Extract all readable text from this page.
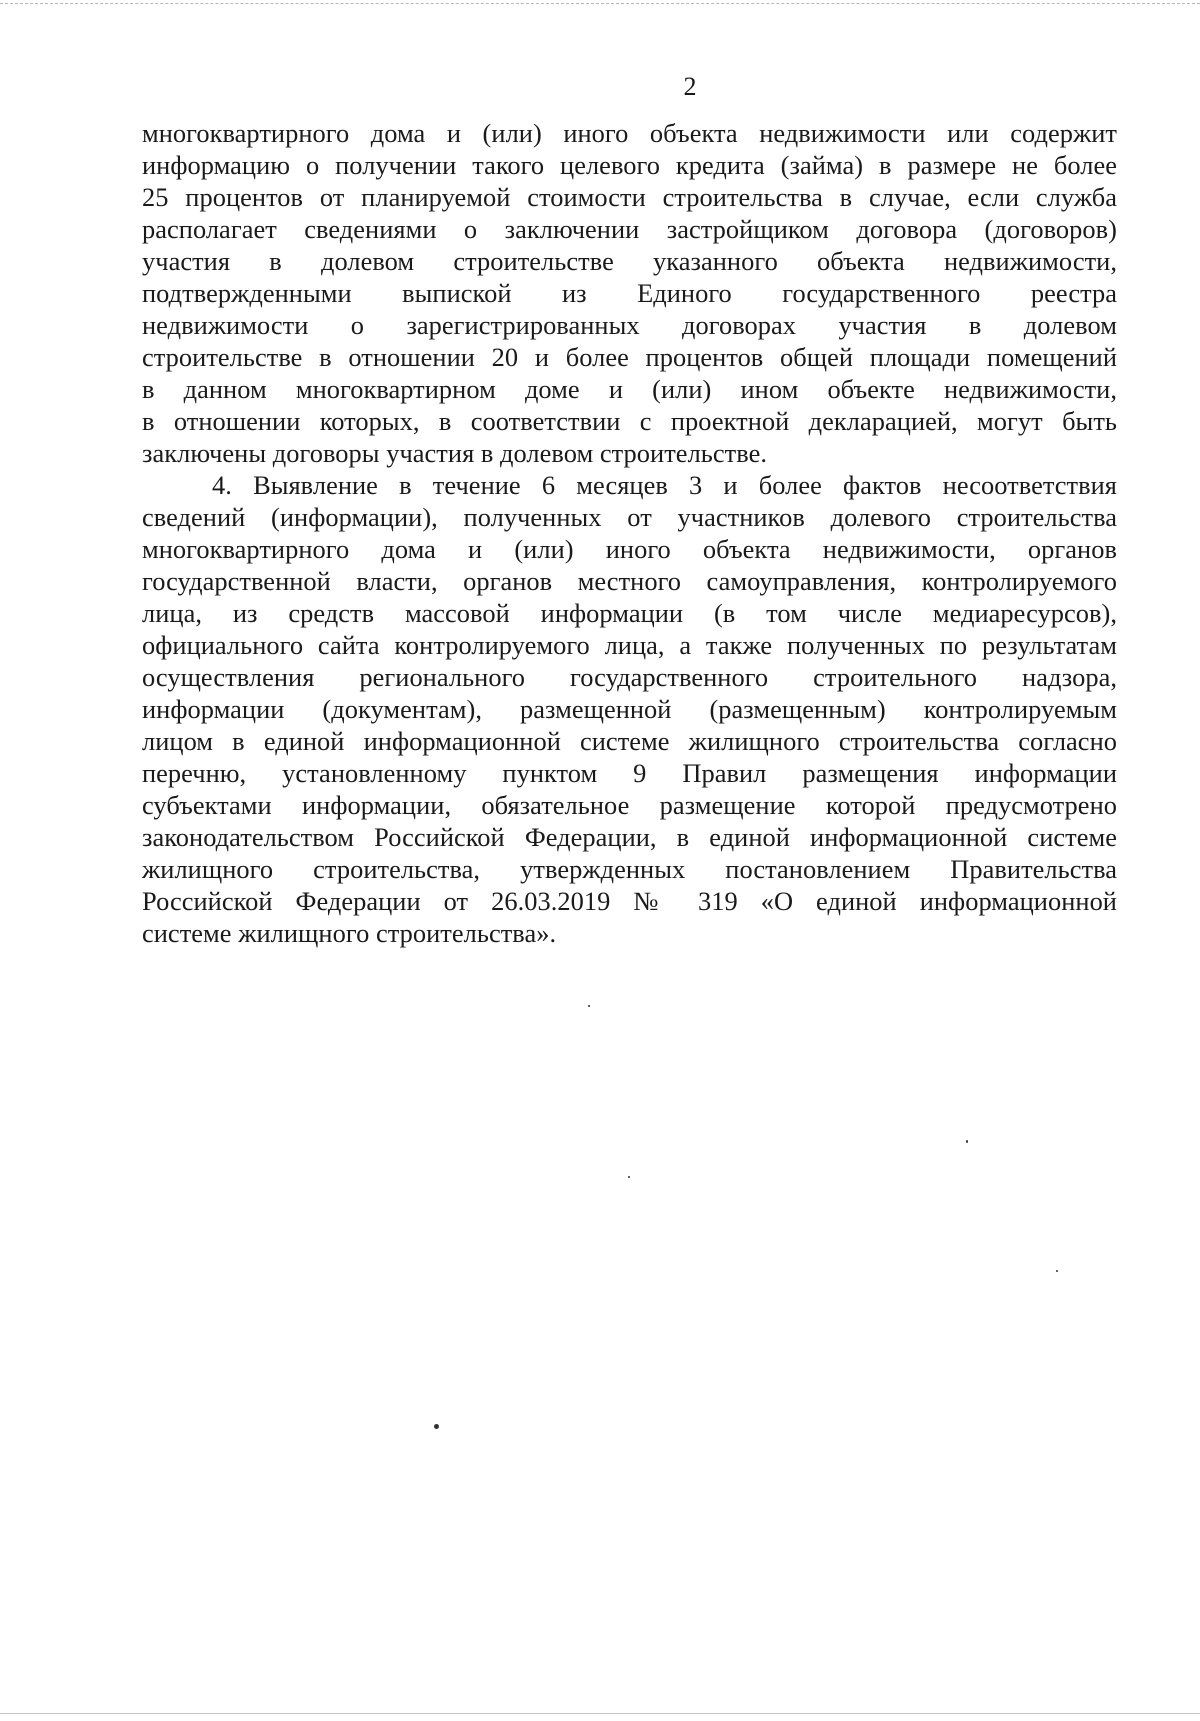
2
многоквартирного дома и (или) иного объекта недвижимости или содержит
информацию о получении такого целевого кредита (займа) в размере не более
25 процентов от планируемой стоимости строительства в случае, если служба
располагает сведениями о заключении застройщиком договора (договоров)
участия в долевом строительстве указанного объекта недвижимости,
подтвержденными выпиской из Единого государственного реестра
недвижимости о зарегистрированных договорах участия в долевом
строительстве в отношении 20 и более процентов общей площади помещений
в данном многоквартирном доме и (или) ином объекте недвижимости,
в отношении которых, в соответствии с проектной декларацией, могут быть
заключены договоры участия в долевом строительстве.
4. Выявление в течение 6 месяцев 3 и более фактов несоответствия
сведений (информации), полученных от участников долевого строительства
многоквартирного дома и (или) иного объекта недвижимости, органов
государственной власти, органов местного самоуправления, контролируемого
лица, из средств массовой информации (в том числе медиаресурсов),
официального сайта контролируемого лица, а также полученных по результатам
осуществления регионального государственного строительного надзора,
информации (документам), размещенной (размещенным) контролируемым
лицом в единой информационной системе жилищного строительства согласно
перечню, установленному пунктом 9 Правил размещения информации
субъектами информации, обязательное размещение которой предусмотрено
законодательством Российской Федерации, в единой информационной системе
жилищного строительства, утвержденных постановлением Правительства
Российской Федерации от 26.03.2019 № 319 «О единой информационной
системе жилищного строительства».
